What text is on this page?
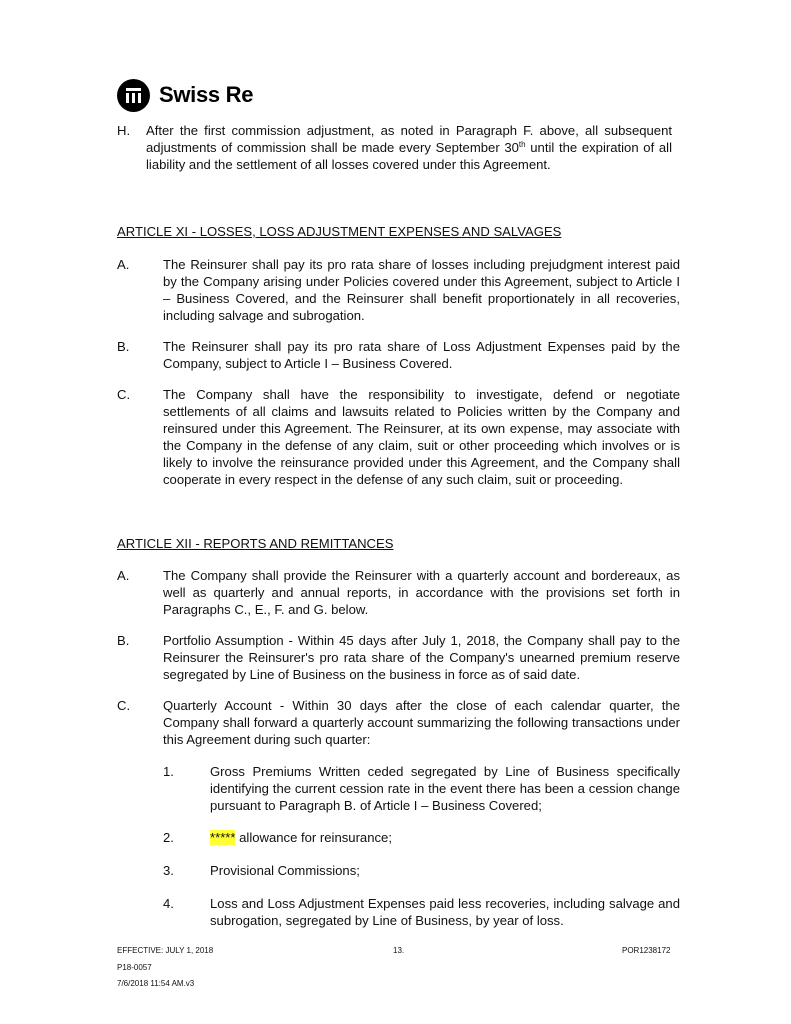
Swiss Re
H. After the first commission adjustment, as noted in Paragraph F. above, all subsequent adjustments of commission shall be made every September 30th until the expiration of all liability and the settlement of all losses covered under this Agreement.
ARTICLE XI - LOSSES, LOSS ADJUSTMENT EXPENSES AND SALVAGES
A.	The Reinsurer shall pay its pro rata share of losses including prejudgment interest paid by the Company arising under Policies covered under this Agreement, subject to Article I – Business Covered, and the Reinsurer shall benefit proportionately in all recoveries, including salvage and subrogation.
B.	The Reinsurer shall pay its pro rata share of Loss Adjustment Expenses paid by the Company, subject to Article I – Business Covered.
C.	The Company shall have the responsibility to investigate, defend or negotiate settlements of all claims and lawsuits related to Policies written by the Company and reinsured under this Agreement. The Reinsurer, at its own expense, may associate with the Company in the defense of any claim, suit or other proceeding which involves or is likely to involve the reinsurance provided under this Agreement, and the Company shall cooperate in every respect in the defense of any such claim, suit or proceeding.
ARTICLE XII - REPORTS AND REMITTANCES
A.	The Company shall provide the Reinsurer with a quarterly account and bordereaux, as well as quarterly and annual reports, in accordance with the provisions set forth in Paragraphs C., E., F. and G. below.
B.	Portfolio Assumption - Within 45 days after July 1, 2018, the Company shall pay to the Reinsurer the Reinsurer's pro rata share of the Company's unearned premium reserve segregated by Line of Business on the business in force as of said date.
C.	Quarterly Account - Within 30 days after the close of each calendar quarter, the Company shall forward a quarterly account summarizing the following transactions under this Agreement during such quarter:
1.	Gross Premiums Written ceded segregated by Line of Business specifically identifying the current cession rate in the event there has been a cession change pursuant to Paragraph B. of Article I – Business Covered;
2.	***** allowance for reinsurance;
3.	Provisional Commissions;
4.	Loss and Loss Adjustment Expenses paid less recoveries, including salvage and subrogation, segregated by Line of Business, by year of loss.
EFFECTIVE: JULY 1, 2018	13.	POR1238172
P18-0057
7/6/2018 11:54 AM.v3
